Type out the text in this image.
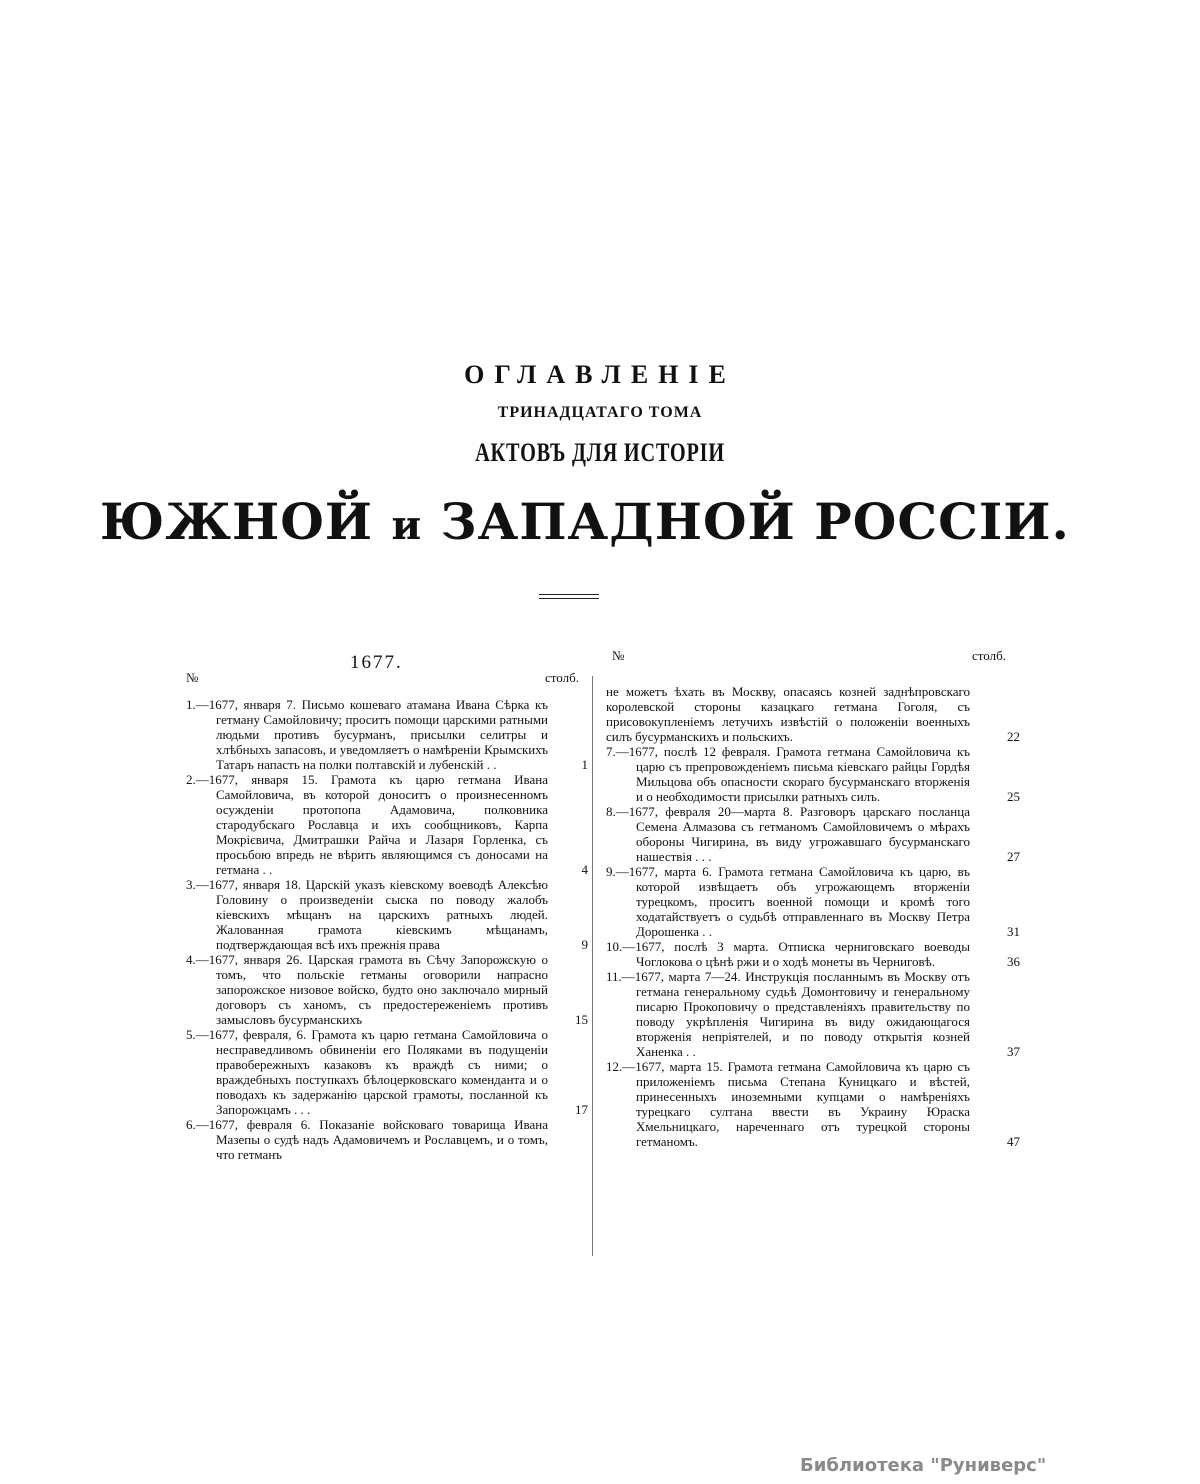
ОГЛАВЛЕНІЕ
ТРИНАДЦАТАГО ТОМА
АКТОВЪ ДЛЯ ИСТОРІИ
ЮЖНОЙ и ЗАПАДНОЙ РОССІИ.
1677.
№	столб.
№	столб.
1.—1677, января 7. Письмо кошеваго атамана Ивана Сѣрка къ гетману Самойловичу; проситъ помощи царскими ратными людьми противъ бусурманъ, присылки селитры и хлѣбныхъ запасовъ, и уведомляетъ о намѣреніи Крымскихъ Татаръ напасть на полки полтавскій и лубенскій . .	1
2.—1677, января 15. Грамота къ царю гетмана Ивана Самойловича, въ которой доноситъ о произнесенномъ осужденіи протопопа Адамовича, полковника стародубскаго Рославца и ихъ сообщниковъ, Карпа Мокрієвича, Дмитрашки Райча и Лазаря Горленка, съ просьбою впредь не вѣрить являющимся съ доносами на гетмана . .	4
3.—1677, января 18. Царскій указъ кіевскому воеводѣ Алексѣю Головину о произведеніи сыска по поводу жалобъ кіевскихъ мѣщанъ на царскихъ ратныхъ людей. Жалованная грамота кіевскимъ мѣщанамъ, подтверждающая всѣ ихъ прежнія права	9
4.—1677, января 26. Царская грамота въ Сѣчу Запорожскую о томъ, что польскіе гетманы оговорили напрасно запорожское низовое войско, будто оно заключало мирный договоръ съ ханомъ, съ предостереженіемъ противъ замысловъ бусурманскихъ	15
5.—1677, февраля, 6. Грамота къ царю гетмана Самойловича о несправедливомъ обвиненіи его Поляками въ подущеніи правобережныхъ казаковъ къ враждѣ съ ними; о враждебныхъ поступкахъ бѣлоцерковскаго коменданта и о поводахъ къ задержанію царской грамоты, посланной къ Запорожцамъ . . .	17
6.—1677, февраля 6. Показаніе войсковаго товарища Ивана Мазепы о судѣ надъ Адамовичемъ и Рославцемъ, и о томъ, что гетманъ
не можетъ ѣхать въ Москву, опасаясь козней заднѣпровскаго королевской стороны казацкаго гетмана Гоголя, съ присовокупленіемъ летучихъ извѣстій о положеніи военныхъ силъ бусурманскихъ и польскихъ.	22
7.—1677, послѣ 12 февраля. Грамота гетмана Самойловича къ царю съ препровожденіемъ письма кіевскаго райцы Гордѣя Мильцова объ опасности скораго бусурманскаго вторженія и о необходимости присылки ратныхъ силъ.	25
8.—1677, февраля 20—марта 8. Разговоръ царскаго посланца Семена Алмазова съ гетманомъ Самойловичемъ о мѣрахъ обороны Чигирина, въ виду угрожавшаго бусурманскаго нашествія . . .	27
9.—1677, марта 6. Грамота гетмана Самойловича къ царю, въ которой извѣщаетъ объ угрожающемъ вторженіи турецкомъ, проситъ военной помощи и кромѣ того ходатайствуетъ о судьбѣ отправленнаго въ Москву Петра Дорошенка . .	31
10.—1677, послѣ 3 марта. Отписка черниговскаго воеводы Чоглокова о цѣнѣ ржи и о ходѣ монеты въ Черниговѣ.	36
11.—1677, марта 7—24. Инструкція посланнымъ въ Москву отъ гетмана генеральному судьѣ Домонтовичу и генеральному писарю Прокоповичу о представленіяхъ правительству по поводу укрѣпленія Чигирина въ виду ожидающагося вторженія непріятелей, и по поводу открытія козней Ханенка . .	37
12.—1677, марта 15. Грамота гетмана Самойловича къ царю съ приложеніемъ письма Степана Куницкаго и вѣстей, принесенныхъ иноземными купцами о намѣреніяхъ турецкаго султана ввести въ Украину Юраска Хмельницкаго, нареченнаго отъ турецкой стороны гетманомъ.	47
Библиотека "Руниверс"
